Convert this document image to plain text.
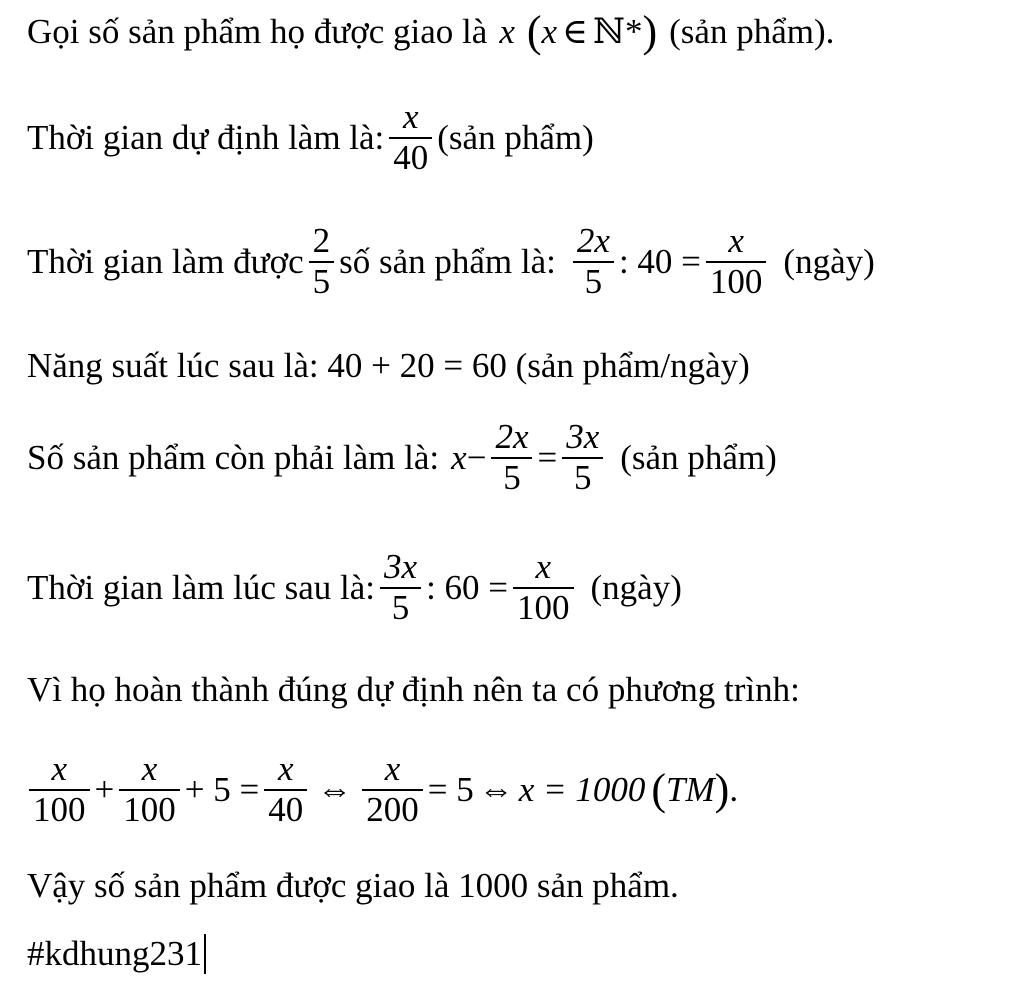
Gọi số sản phẩm họ được giao là x ( x ∈ ℕ* ) (sản phẩm).
Thời gian dự định làm là: $\frac{x}{40}$ (sản phẩm)
Thời gian làm được $\frac{2}{5}$ số sản phẩm là: $\frac{2x}{5}$ : $40 = \frac{x}{100}$ (ngày)
Năng suất lúc sau là: 40 + 20 = 60 (sản phẩm/ngày)
Số sản phẩm còn phải làm là: $x - \frac{2x}{5} = \frac{3x}{5}$ (sản phẩm)
Thời gian làm lúc sau là: $\frac{3x}{5}$ : $60 = \frac{x}{100}$ (ngày)
Vì họ hoàn thành đúng dự định nên ta có phương trình:
$\frac{x}{100} + \frac{x}{100} + 5 = \frac{x}{40}$ ⇔ $\frac{x}{200} = 5$ ⇔ x = 1000 ( TM ) .
Vậy số sản phẩm được giao là 1000 sản phẩm.
#kdhung231
